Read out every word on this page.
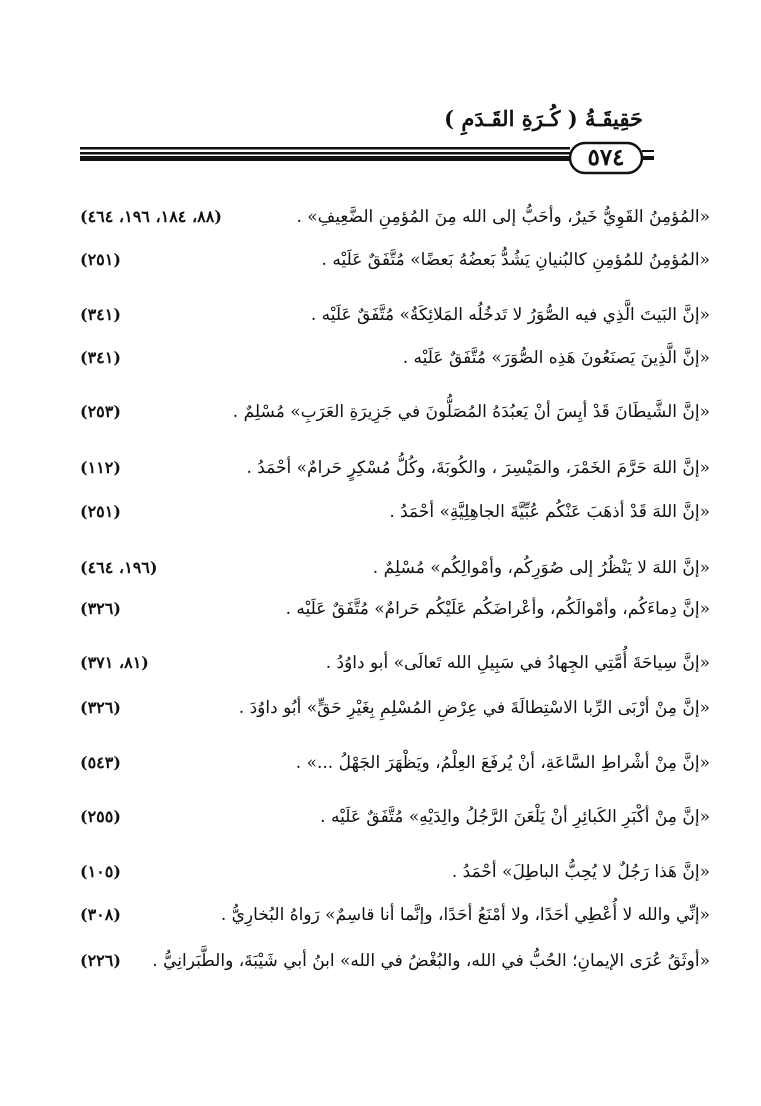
حَقِيقَـةُ ( كُـرَةِ القَـدَمِ )
٥٧٤
«المُؤمِنُ القَوِيُّ خَيرٌ، وأحَبُّ إلى الله مِنَ المُؤمِنِ الضَّعِيفِ» .
(٨٨، ١٨٤، ١٩٦، ٤٦٤)
«المُؤمِنُ للمُؤمِنِ كالبُنيانِ يَشُدُّ بَعضُهُ بَعضًا» مُتَّفَقٌ عَلَيْه .
(٢٥١)
«إنَّ البَيتَ الَّذِي فيه الصُّوَرُ لا تَدخُلُه المَلائِكَةُ» مُتَّفَقٌ عَلَيْه .
(٣٤١)
«إنَّ الَّذِينَ يَصنَعُونَ هَذِه الصُّوَرَ» مُتَّفَقٌ عَلَيْه .
(٣٤١)
«إنَّ الشَّيطَانَ قَدْ أيِسَ أنْ يَعبُدَهُ المُصَلُّونَ في جَزِيرَةِ العَرَبِ» مُسْلِمٌ .
(٢٥٣)
«إنَّ اللهَ حَرَّمَ الخَمْرَ، والمَيْسِرَ ، والكُوبَةَ، وكُلُّ مُسْكِرٍ حَرامٌ» أحْمَدُ .
(١١٢)
«إنَّ اللهَ قَدْ أذهَبَ عَنْكُم عُبِّيَّةَ الجاهِلِيَّةِ» أحْمَدُ .
(٢٥١)
«إنَّ اللهَ لا يَنْظُرُ إلى صُوَرِكُم، وأمْوالِكُم» مُسْلِمٌ .
(١٩٦، ٤٦٤)
«إنَّ دِماءَكُم، وأمْوالَكُم، وأعْراضَكُم عَلَيْكُم حَرامٌ» مُتَّفَقٌ عَلَيْه .
(٣٢٦)
«إنَّ سِياحَةَ أُمَّتِي الجِهادُ في سَبِيلِ الله تَعالَى» أبو داوُدُ .
(٨١، ٣٧١)
«إنَّ مِنْ أرْبَى الرِّبا الاسْتِطالَةَ في عِرْضِ المُسْلِمِ بِغَيْرِ حَقٍّ» أبُو داوُدَ .
(٣٢٦)
«إنَّ مِنْ أشْراطِ السَّاعَةِ، أنْ يُرفَعَ العِلْمُ، ويَظْهَرَ الجَهْلُ ...» .
(٥٤٣)
«إنَّ مِنْ أكْبَرِ الكَبائِرِ أنْ يَلْعَنَ الرَّجُلُ والِدَيْهِ» مُتَّفَقٌ عَلَيْه .
(٢٥٥)
«إنَّ هَذا رَجُلٌ لا يُحِبُّ الباطِلَ» أحْمَدُ .
(١٠٥)
«إنِّي والله لا أُعْطِي أحَدًا، ولا أمْنَعُ أحَدًا، وإنَّما أنا قاسِمٌ» رَواهُ البُخارِيُّ .
(٣٠٨)
«أوثَقُ عُرَى الإيمانِ؛ الحُبُّ في الله، والبُغْضُ في الله» ابنُ أبي شَيْبَةَ، والطَّبَرانِيُّ .
(٢٢٦)
